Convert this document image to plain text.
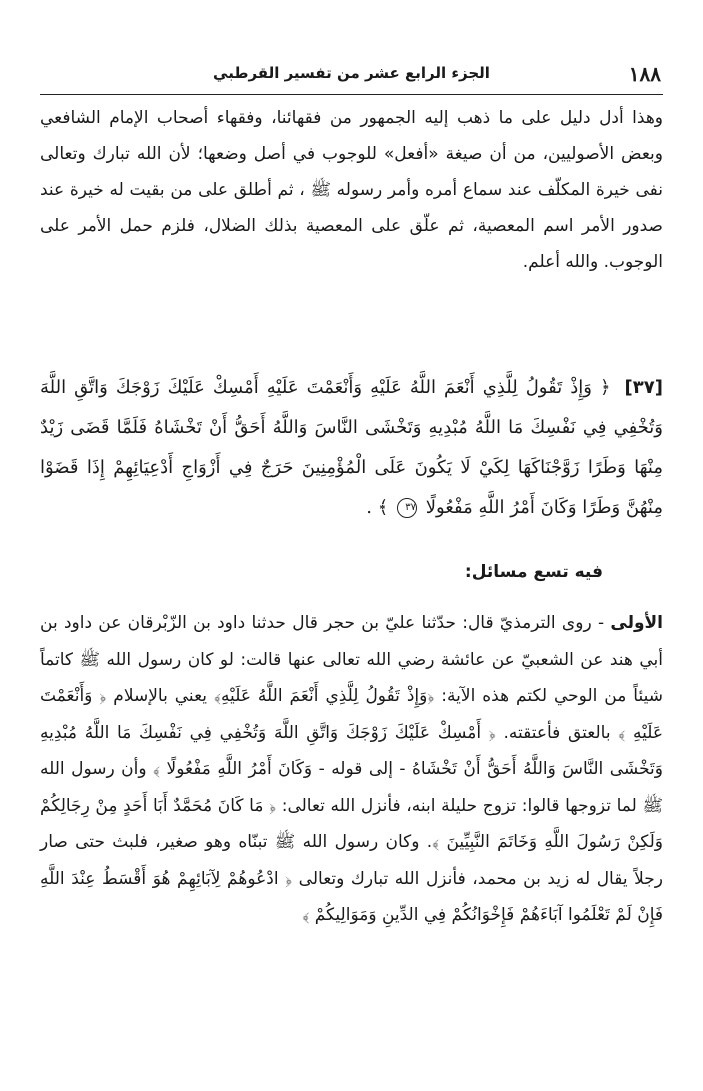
١٨٨
الجزء الرابع عشر من تفسير القرطبي
وهذا أدل دليل على ما ذهب إليه الجمهور من فقهائنا، وفقهاء أصحاب الإمام الشافعي وبعض الأصوليين، من أن صيغة «أفعل» للوجوب في أصل وضعها؛ لأن الله تبارك وتعالى نفى خيرة المكلّف عند سماع أمره وأمر رسوله ﷺ ، ثم أطلق على من بقيت له خيرة عند صدور الأمر اسم المعصية، ثم علّق على المعصية بذلك الضلال، فلزم حمل الأمر على الوجوب. والله أعلم.
[٣٧] ﴿ وَإِذْ تَقُولُ لِلَّذِي أَنْعَمَ اللَّهُ عَلَيْهِ وَأَنْعَمْتَ عَلَيْهِ أَمْسِكْ عَلَيْكَ زَوْجَكَ وَاتَّقِ اللَّهَ وَتُخْفِي فِي نَفْسِكَ مَا اللَّهُ مُبْدِيهِ وَتَخْشَى النَّاسَ وَاللَّهُ أَحَقُّ أَنْ تَخْشَاهُ فَلَمَّا قَضَى زَيْدٌ مِنْهَا وَطَرًا زَوَّجْنَاكَهَا لِكَيْ لَا يَكُونَ عَلَى الْمُؤْمِنِينَ حَرَجٌ فِي أَزْوَاجِ أَدْعِيَائِهِمْ إِذَا قَضَوْا مِنْهُنَّ وَطَرًا وَكَانَ أَمْرُ اللَّهِ مَفْعُولًا ٣٧ ﴾ .
فيه تسع مسائل:
الأولى - روى الترمذيّ قال: حدّثنا عليّ بن حجر قال حدثنا داود بن الزّبْرقان عن داود بن أبي هند عن الشعبيّ عن عائشة رضي الله تعالى عنها قالت: لو كان رسول الله ﷺ كاتماً شيئاً من الوحي لكتم هذه الآية: ﴿وَإِذْ تَقُولُ لِلَّذِي أَنْعَمَ اللَّهُ عَلَيْهِ﴾ يعني بالإسلام ﴿ وَأَنْعَمْتَ عَلَيْهِ ﴾ بالعتق فأعتقته. ﴿ أَمْسِكْ عَلَيْكَ زَوْجَكَ وَاتَّقِ اللَّهَ وَتُخْفِي فِي نَفْسِكَ مَا اللَّهُ مُبْدِيهِ وَتَخْشَى النَّاسَ وَاللَّهُ أَحَقُّ أَنْ تَخْشَاهُ - إلى قوله - وَكَانَ أَمْرُ اللَّهِ مَفْعُولًا ﴾ وأن رسول الله ﷺ لما تزوجها قالوا: تزوج حليلة ابنه، فأنزل الله تعالى: ﴿ مَا كَانَ مُحَمَّدٌ أَبَا أَحَدٍ مِنْ رِجَالِكُمْ وَلَكِنْ رَسُولَ اللَّهِ وَخَاتَمَ النَّبِيِّينَ ﴾. وكان رسول الله ﷺ تبنّاه وهو صغير، فلبث حتى صار رجلاً يقال له زيد بن محمد، فأنزل الله تبارك وتعالى ﴿ ادْعُوهُمْ لِآبَائِهِمْ هُوَ أَقْسَطُ عِنْدَ اللَّهِ فَإِنْ لَمْ تَعْلَمُوا آبَاءَهُمْ فَإِخْوَانُكُمْ فِي الدِّينِ وَمَوَالِيكُمْ ﴾
